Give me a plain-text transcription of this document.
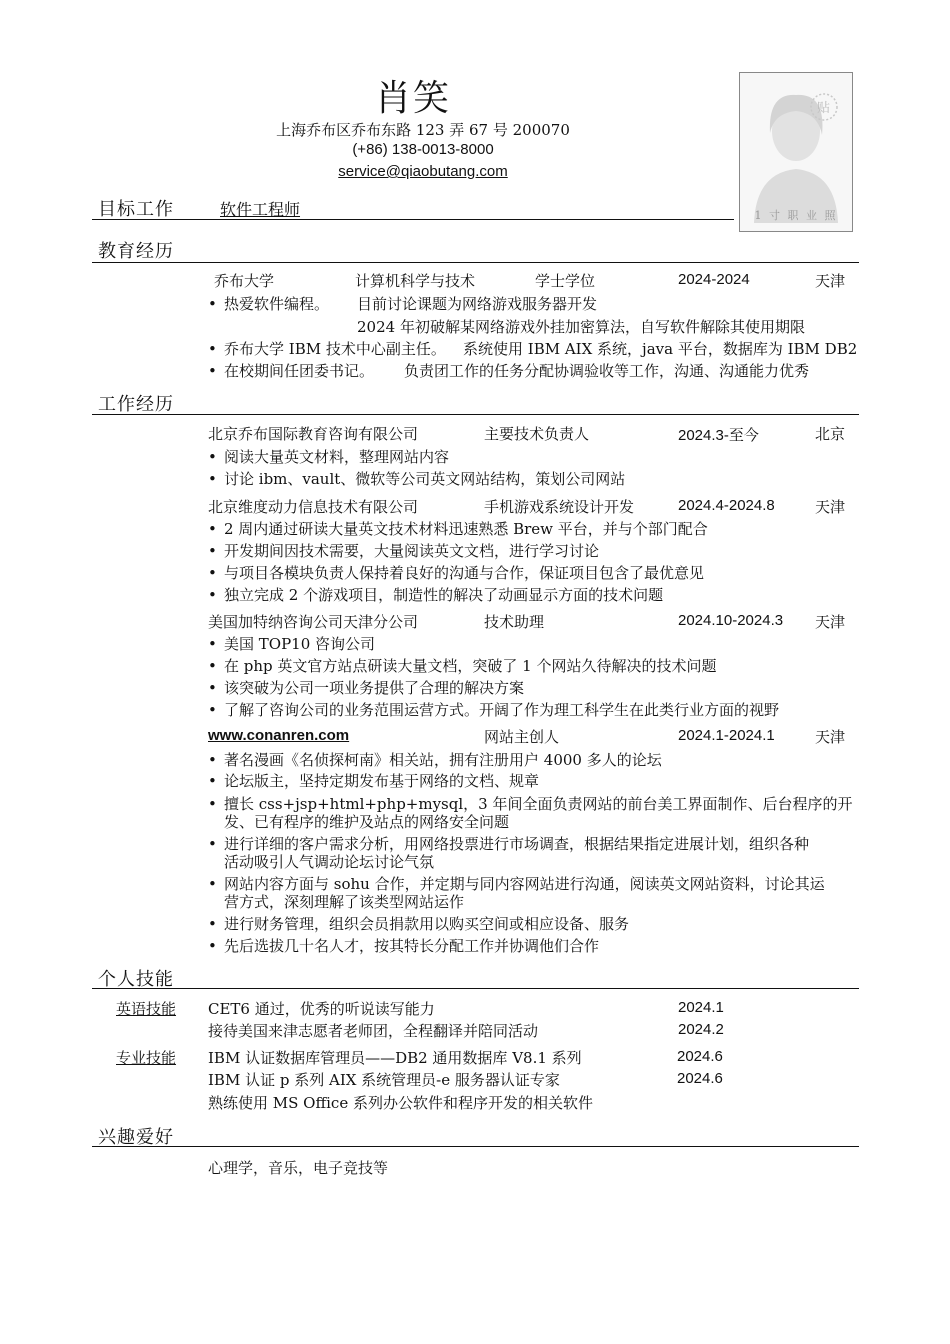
肖笑
上海乔布区乔布东路 123 弄 67 号 200070
(+86) 138-0013-8000
service@qiaobutang.com
贴
1 寸 职 业 照
目标工作	软件工程师
教育经历
乔布大学	计算机科学与技术	学士学位	2024-2024	天津
• 热爱软件编程。 目前讨论课题为网络游戏服务器开发
2024 年初破解某网络游戏外挂加密算法，自写软件解除其使用期限
• 乔布大学 IBM 技术中心副主任。 系统使用 IBM AIX 系统，java 平台，数据库为 IBM DB2
• 在校期间任团委书记。 负责团工作的任务分配协调验收等工作，沟通、沟通能力优秀
工作经历
北京乔布国际教育咨询有限公司	主要技术负责人	2024.3-至今	北京
• 阅读大量英文材料，整理网站内容
• 讨论 ibm、vault、微软等公司英文网站结构，策划公司网站
北京维度动力信息技术有限公司	手机游戏系统设计开发	2024.4-2024.8	天津
• 2 周内通过研读大量英文技术材料迅速熟悉 Brew 平台，并与个部门配合
• 开发期间因技术需要，大量阅读英文文档，进行学习讨论
• 与项目各模块负责人保持着良好的沟通与合作，保证项目包含了最优意见
• 独立完成 2 个游戏项目，制造性的解决了动画显示方面的技术问题
美国加特纳咨询公司天津分公司	技术助理	2024.10-2024.3 天津
• 美国 TOP10 咨询公司
• 在 php 英文官方站点研读大量文档，突破了 1 个网站久待解决的技术问题
• 该突破为公司一项业务提供了合理的解决方案
• 了解了咨询公司的业务范围运营方式。开阔了作为理工科学生在此类行业方面的视野
www.conanren.com	网站主创人	2024.1-2024.1	天津
• 著名漫画《名侦探柯南》相关站，拥有注册用户 4000 多人的论坛
• 论坛版主，坚持定期发布基于网络的文档、规章
• 擅长 css+jsp+html+php+mysql，3 年间全面负责网站的前台美工界面制作、后台程序的开
发、已有程序的维护及站点的网络安全问题
• 进行详细的客户需求分析，用网络投票进行市场调查，根据结果指定进展计划，组织各种
活动吸引人气调动论坛讨论气氛
• 网站内容方面与 sohu 合作，并定期与同内容网站进行沟通，阅读英文网站资料，讨论其运
营方式，深刻理解了该类型网站运作
• 进行财务管理，组织会员捐款用以购买空间或相应设备、服务
• 先后选拔几十名人才，按其特长分配工作并协调他们合作
个人技能
英语技能 CET6 通过，优秀的听说读写能力	2024.1
接待美国来津志愿者老师团，全程翻译并陪同活动	2024.2
专业技能 IBM 认证数据库管理员——DB2 通用数据库 V8.1 系列	2024.6
IBM 认证 p 系列 AIX 系统管理员-e 服务器认证专家	2024.6
熟练使用 MS Office 系列办公软件和程序开发的相关软件
兴趣爱好
心理学，音乐，电子竞技等
